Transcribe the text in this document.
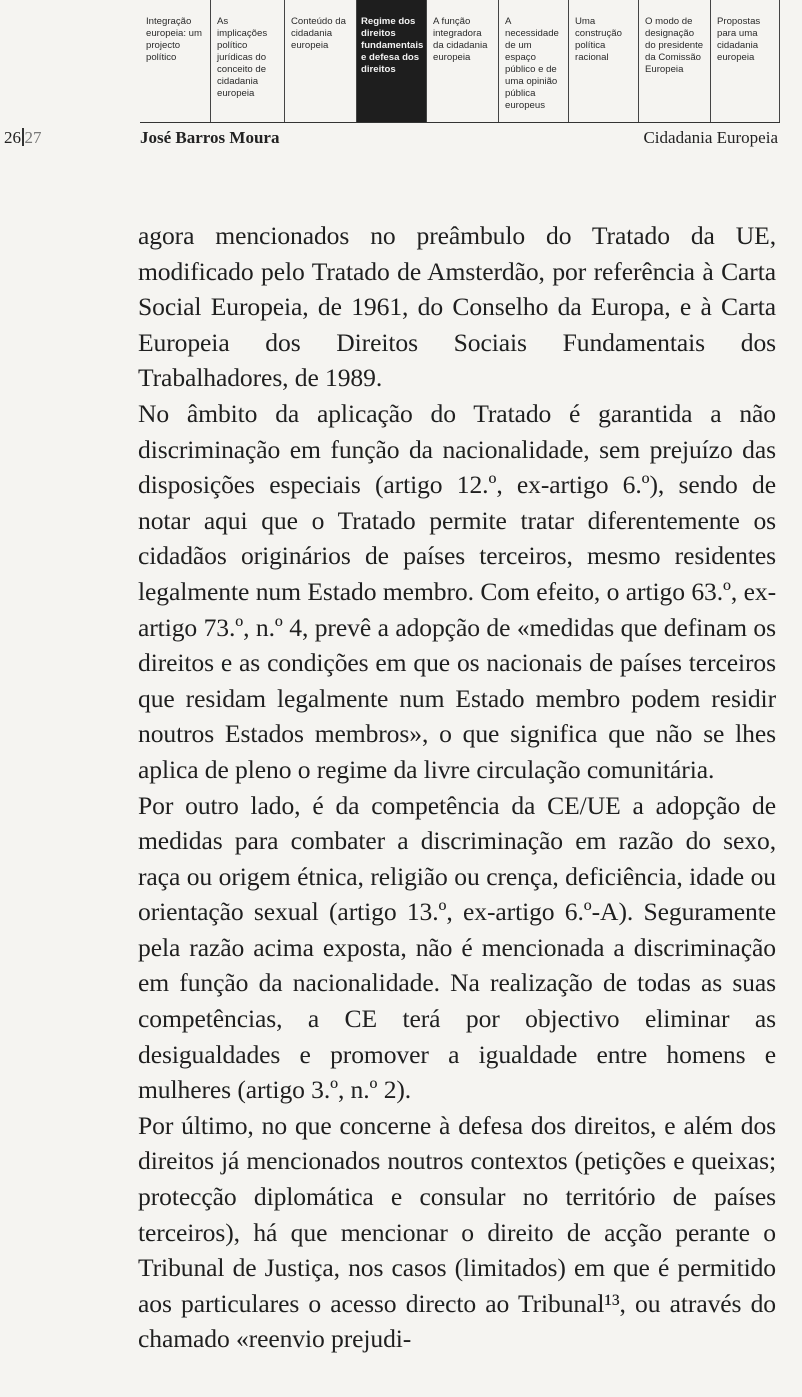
Integração europeia: um projecto político
As implicações político jurídicas do conceito de cidadania europeia
Conteúdo da cidadania europeia
Regime dos direitos fundamentais e defesa dos direitos
A função integradora da cidadania europeia
A necessidade de um espaço público e de uma opinião pública europeus
Uma construção política racional
O modo de designação do presidente da Comissão Europeia
Propostas para uma cidadania europeia
26 27	José Barros Moura	Cidadania Europeia

agora mencionados no preâmbulo do Tratado da UE, modificado pelo Tratado de Amsterdão, por referência à Carta Social Europeia, de 1961, do Conselho da Europa, e à Carta Europeia dos Direitos Sociais Fundamentais dos Trabalhadores, de 1989.

No âmbito da aplicação do Tratado é garantida a não discriminação em função da nacionalidade, sem prejuízo das disposições especiais (artigo 12.º, ex-artigo 6.º), sendo de notar aqui que o Tratado permite tratar diferentemente os cidadãos originários de países terceiros, mesmo residentes legalmente num Estado membro. Com efeito, o artigo 63.º, ex-artigo 73.º, n.º 4, prevê a adopção de «medidas que definam os direitos e as condições em que os nacionais de países terceiros que residam legalmente num Estado membro podem residir noutros Estados membros», o que significa que não se lhes aplica de pleno o regime da livre circulação comunitária.

Por outro lado, é da competência da CE/UE a adopção de medidas para combater a discriminação em razão do sexo, raça ou origem étnica, religião ou crença, deficiência, idade ou orientação sexual (artigo 13.º, ex-artigo 6.º-A). Seguramente pela razão acima exposta, não é mencionada a discriminação em função da nacionalidade. Na realização de todas as suas competências, a CE terá por objectivo eliminar as desigualdades e promover a igualdade entre homens e mulheres (artigo 3.º, n.º 2).

Por último, no que concerne à defesa dos direitos, e além dos direitos já mencionados noutros contextos (petições e queixas; protecção diplomática e consular no território de países terceiros), há que mencionar o direito de acção perante o Tribunal de Justiça, nos casos (limitados) em que é permitido aos particulares o acesso directo ao Tribunal¹³, ou através do chamado «reenvio prejudi-
